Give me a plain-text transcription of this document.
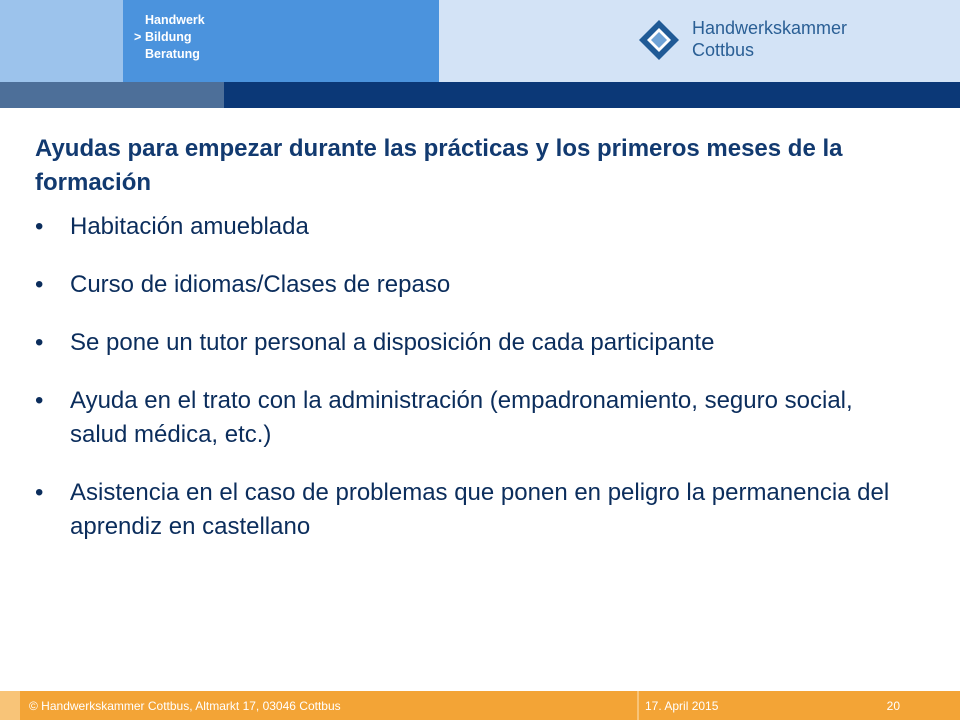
Handwerk
> Bildung
Beratung
Handwerkskammer
Cottbus
Ayudas para empezar durante las prácticas y los primeros meses de la formación
• Habitación amueblada
• Curso de idiomas/Clases de repaso
• Se pone un tutor personal a disposición de cada participante
• Ayuda en el trato con la administración (empadronamiento, seguro social, salud médica, etc.)
• Asistencia en el caso de problemas que ponen en peligro la permanencia del aprendiz en castellano
© Handwerkskammer Cottbus, Altmarkt 17, 03046 Cottbus	17. April 2015	20
